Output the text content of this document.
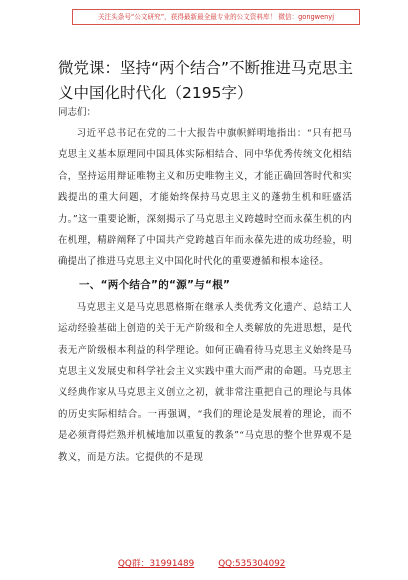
关注头条号“公文研究”，获得最新最全最专业的公文资料库！ 微信：gongwenyj
微党课：坚持“两个结合”不断推进马克思主义中国化时代化（2195字）
同志们：

习近平总书记在党的二十大报告中旗帜鲜明地指出：“只有把马克思主义基本原理同中国具体实际相结合、同中华优秀传统文化相结合，坚持运用辩证唯物主义和历史唯物主义，才能正确回答时代和实践提出的重大问题，才能始终保持马克思主义的蓬勃生机和旺盛活力。”这一重要论断，深刻揭示了马克思主义跨越时空而永葆生机的内在机理，精辟阐释了中国共产党跨越百年而永葆先进的成功经验，明确提出了推进马克思主义中国化时代化的重要遵循和根本途径。

一、“两个结合”的“源”与“根”

马克思主义是马克思恩格斯在继承人类优秀文化遗产、总结工人运动经验基础上创造的关于无产阶级和全人类解放的先进思想，是代表无产阶级根本利益的科学理论。如何正确看待马克思主义始终是马克思主义发展史和科学社会主义实践中重大而严肃的命题。马克思主义经典作家从马克思主义创立之初，就非常注重把自己的理论与具体的历史实际相结合。一再强调，“我们的理论是发展着的理论，而不是必须背得烂熟并机械地加以重复的教条”“马克思的整个世界观不是教义，而是方法。它提供的不是现

QQ群：31991489	QQ:535304092
